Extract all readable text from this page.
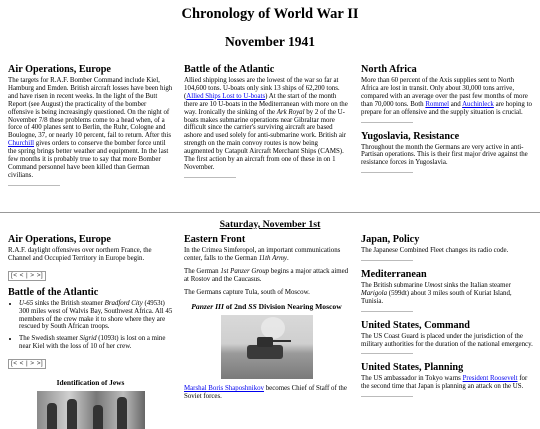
Chronology of World War II
November 1941
Air Operations, Europe

The targets for R.A.F. Bomber Command include Kiel, Hamburg and Emden. British aircraft losses have been high and have risen in recent weeks. In the light of the Butt Report (see August) the practicality of the bomber offensive is being increasingly questioned. On the night of November 7/8 these problems come to a head when, of a force of 400 planes sent to Berlin, the Ruhr, Cologne and Boulogne, 37, or nearly 10 percent, fail to return. After this Churchill gives orders to conserve the bomber force until the spring brings better weather and equipment. In the last few months it is probably true to say that more Bomber Command personnel have been killed than German civilians.

Battle of the Atlantic

Allied shipping losses are the lowest of the war so far at 104,600 tons. U-boats only sink 13 ships of 62,200 tons. (Allied Ships Lost to U-boats) At the start of the month there are 10 U-boats in the Mediterranean with more on the way. Ironically the sinking of the Ark Royal by 2 of the U-boats makes submarine operations near Gibraltar more difficult since the carrier's surviving aircraft are based ashore and used solely for anti-submarine work. British air strength on the main convoy routes is now being augmented by Catapult Aircraft Merchant Ships (CAMS). The first action by an aircraft from one of these in on 1 November.

North Africa

More than 60 percent of the Axis supplies sent to North Africa are lost in transit. Only about 30,000 tons arrive, compared with an average over the past few months of more than 70,000 tons. Both Rommel and Auchinleck are hoping to prepare for an offensive and the supply situation is crucial.

Yugoslavia, Resistance

Throughout the month the Germans are very active in anti-Partisan operations. This is their first major drive against the resistance forces in Yugoslavia.

Saturday, November 1st
Air Operations, Europe

R.A.F. daylight offensives over northern France, the Channel and Occupied Territory in Europe begin.

[< < | > >]
Battle of the Atlantic
• U-65 sinks the British steamer Bradford City (4953t) 300 miles west of Walvis Bay, Southwest Africa. All 45 members of the crew make it to shore where they are rescued by South African troops.
• The Swedish steamer Sigrid (1093t) is lost on a mine near Kiel with the loss of 10 of her crew.
[< < | > >]
Identification of Jews
Eastern Front

In the Crimea Simferopol, an important communications center, falls to the German 11th Army.

The German 1st Panzer Group begins a major attack aimed at Rostov and the Caucasus.

The Germans capture Tula, south of Moscow.

Panzer III of 2nd SS Division Nearing Moscow

Marshal Boris Shaposhnikov becomes Chief of Staff of the Soviet forces.

Japan, Policy

The Japanese Combined Fleet changes its radio code.

Mediterranean

The British submarine Umost sinks the Italian steamer Marigola (599dt) about 3 miles south of Kuriat Island, Tunisia.

United States, Command

The US Coast Guard is placed under the jurisdiction of the military authorities for the duration of the national emergency.

United States, Planning

The US ambassador in Tokyo warns President Roosevelt for the second time that Japan is planning an attack on the US.
